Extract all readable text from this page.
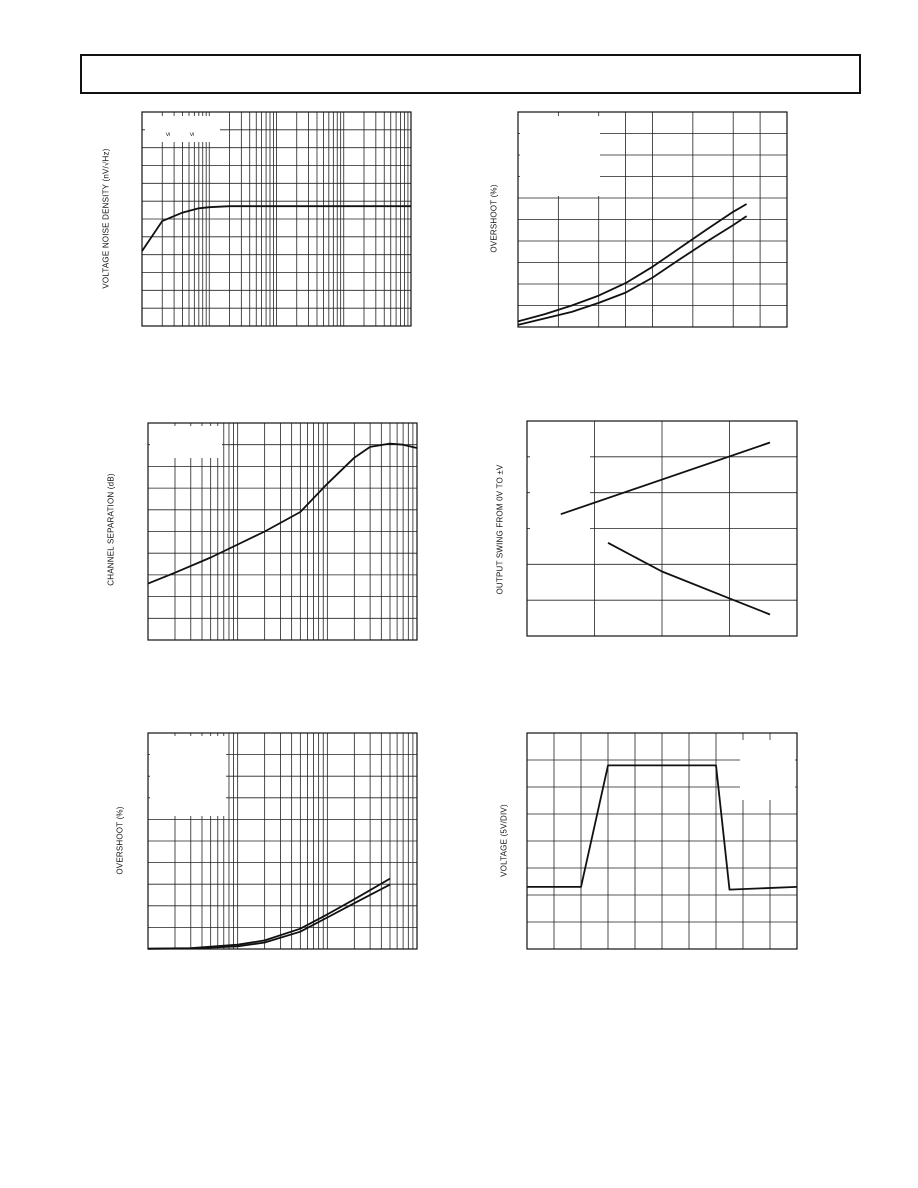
≤ ≤
VOLTAGE NOISE DENSITY (nV/√Hz)	OVERSHOOT (%)
CHANNEL SEPARATION (dB)	OUTPUT SWING FROM 0V TO ±V
OVERSHOOT (%)	VOLTAGE (5V/DIV)
